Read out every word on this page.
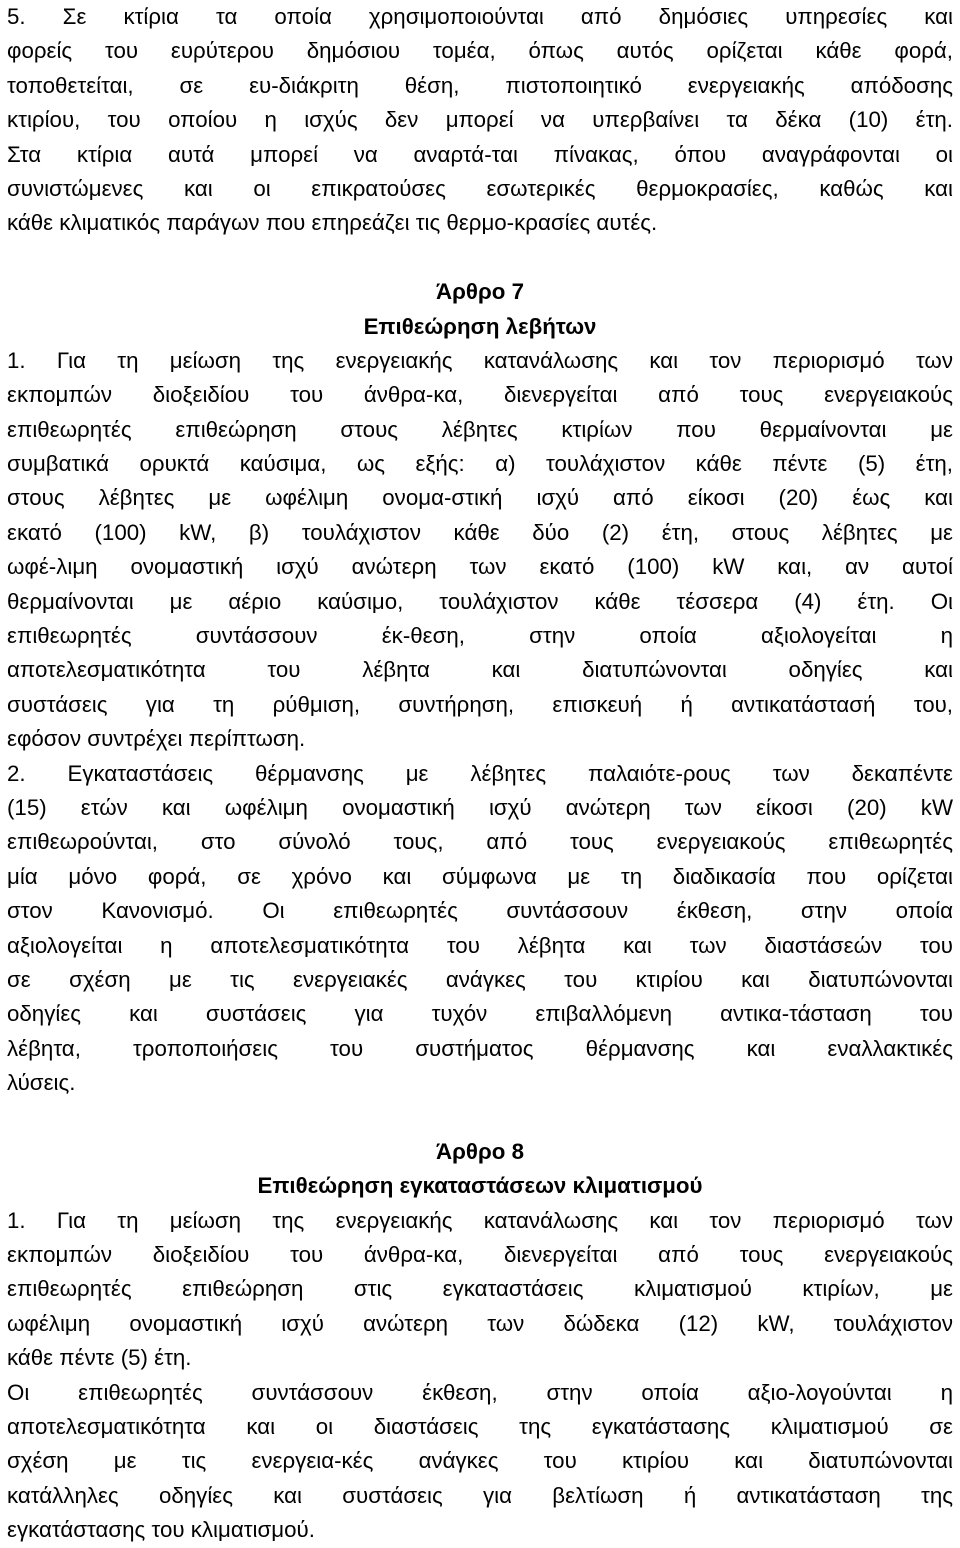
5. Σε κτίρια τα οποία χρησιμοποιούνται από δημόσιες υπηρεσίες και
φορείς του ευρύτερου δημόσιου τομέα, όπως αυτός ορίζεται κάθε φορά,
τοποθετείται, σε ευ-διάκριτη θέση, πιστοποιητικό ενεργειακής απόδοσης
κτιρίου, του οποίου η ισχύς δεν μπορεί να υπερβαίνει τα δέκα (10) έτη.
Στα κτίρια αυτά μπορεί να αναρτά-ται πίνακας, όπου αναγράφονται οι
συνιστώμενες και οι επικρατούσες εσωτερικές θερμοκρασίες, καθώς και
κάθε κλιματικός παράγων που επηρεάζει τις θερμο-κρασίες αυτές.
Άρθρο 7
Επιθεώρηση λεβήτων
1. Για τη μείωση της ενεργειακής κατανάλωσης και τον περιορισμό των
εκπομπών διοξειδίου του άνθρα-κα, διενεργείται από τους ενεργειακούς
επιθεωρητές επιθεώρηση στους λέβητες κτιρίων που θερμαίνονται με
συμβατικά ορυκτά καύσιμα, ως εξής: α) τουλάχιστον κάθε πέντε (5) έτη,
στους λέβητες με ωφέλιμη ονομα-στική ισχύ από είκοσι (20) έως και
εκατό (100) kW, β) τουλάχιστον κάθε δύο (2) έτη, στους λέβητες με
ωφέ-λιμη ονομαστική ισχύ ανώτερη των εκατό (100) kW και, αν αυτοί
θερμαίνονται με αέριο καύσιμο, τουλάχιστον κάθε τέσσερα (4) έτη. Οι
επιθεωρητές συντάσσουν έκ-θεση, στην οποία αξιολογείται η
αποτελεσματικότητα του λέβητα και διατυπώνονται οδηγίες και
συστάσεις για τη ρύθμιση, συντήρηση, επισκευή ή αντικατάστασή του,
εφόσον συντρέχει περίπτωση.
2. Εγκαταστάσεις θέρμανσης με λέβητες παλαιότε-ρους των δεκαπέντε
(15) ετών και ωφέλιμη ονομαστική ισχύ ανώτερη των είκοσι (20) kW
επιθεωρούνται, στο σύνολό τους, από τους ενεργειακούς επιθεωρητές
μία μόνο φορά, σε χρόνο και σύμφωνα με τη διαδικασία που ορίζεται
στον Κανονισμό. Οι επιθεωρητές συντάσσουν έκθεση, στην οποία
αξιολογείται η αποτελεσματικότητα του λέβητα και των διαστάσεών του
σε σχέση με τις ενεργειακές ανάγκες του κτιρίου και διατυπώνονται
οδηγίες και συστάσεις για τυχόν επιβαλλόμενη αντικα-τάσταση του
λέβητα, τροποποιήσεις του συστήματος θέρμανσης και εναλλακτικές
λύσεις.
Άρθρο 8
Επιθεώρηση εγκαταστάσεων κλιματισμού
1. Για τη μείωση της ενεργειακής κατανάλωσης και τον περιορισμό των
εκπομπών διοξειδίου του άνθρα-κα, διενεργείται από τους ενεργειακούς
επιθεωρητές επιθεώρηση στις εγκαταστάσεις κλιματισμού κτιρίων, με
ωφέλιμη ονομαστική ισχύ ανώτερη των δώδεκα (12) kW, τουλάχιστον
κάθε πέντε (5) έτη.
Οι επιθεωρητές συντάσσουν έκθεση, στην οποία αξιο-λογούνται η
αποτελεσματικότητα και οι διαστάσεις της εγκατάστασης κλιματισμού σε
σχέση με τις ενεργεια-κές ανάγκες του κτιρίου και διατυπώνονται
κατάλληλες οδηγίες και συστάσεις για βελτίωση ή αντικατάσταση της
εγκατάστασης του κλιματισμού.
